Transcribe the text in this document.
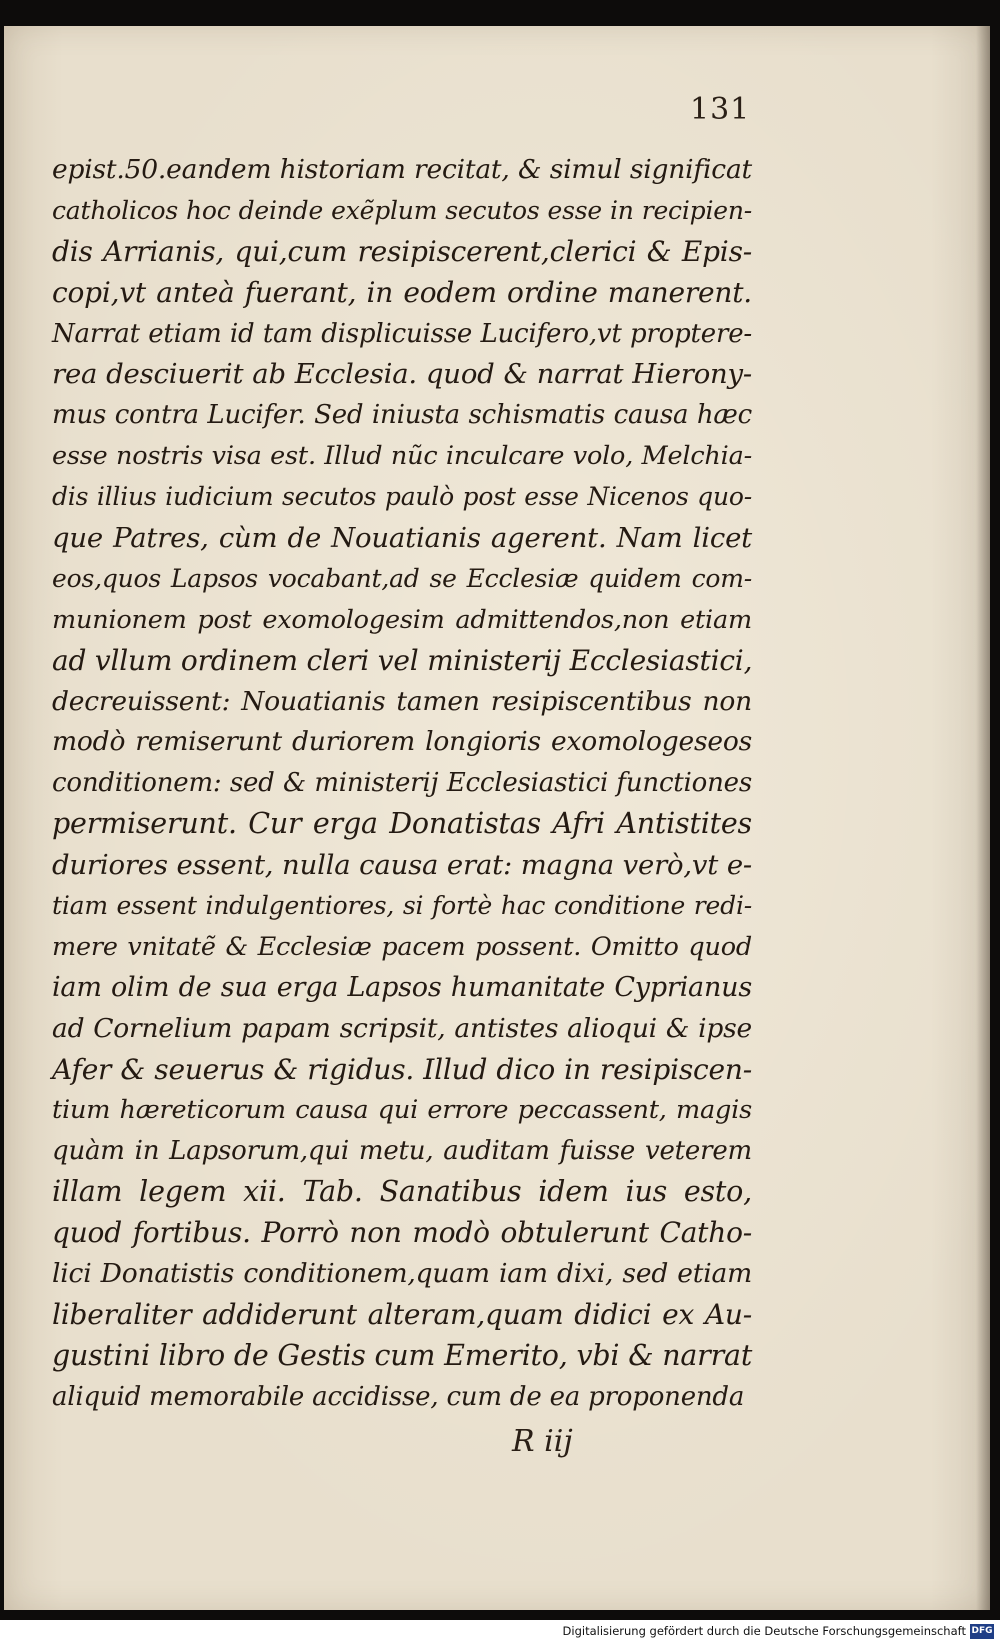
131
epist.50.eandem historiam recitat, & simul significat
catholicos hoc deinde exẽplum secutos esse in recipien-
dis Arrianis, qui,cum resipiscerent,clerici & Epis-
copi,vt anteà fuerant, in eodem ordine manerent.
Narrat etiam id tam displicuisse Lucifero,vt proptere-
rea desciuerit ab Ecclesia. quod & narrat Hierony-
mus contra Lucifer. Sed iniusta schismatis causa hæc
esse nostris visa est. Illud nũc inculcare volo, Melchia-
dis illius iudicium secutos paulò post esse Nicenos quo-
que Patres, cùm de Nouatianis agerent. Nam licet
eos,quos Lapsos vocabant,ad se Ecclesiæ quidem com-
munionem post exomologesim admittendos,non etiam
ad vllum ordinem cleri vel ministerij Ecclesiastici,
decreuissent: Nouatianis tamen resipiscentibus non
modò remiserunt duriorem longioris exomologeseos
conditionem: sed & ministerij Ecclesiastici functiones
permiserunt. Cur erga Donatistas Afri Antistites
duriores essent, nulla causa erat: magna verò,vt e-
tiam essent indulgentiores, si fortè hac conditione redi-
mere vnitatẽ & Ecclesiæ pacem possent. Omitto quod
iam olim de sua erga Lapsos humanitate Cyprianus
ad Cornelium papam scripsit, antistes alioqui & ipse
Afer & seuerus & rigidus. Illud dico in resipiscen-
tium hæreticorum causa qui errore peccassent, magis
quàm in Lapsorum,qui metu, auditam fuisse veterem
illam legem xii. Tab. Sanatibus idem ius esto,
quod fortibus. Porrò non modò obtulerunt Catho-
lici Donatistis conditionem,quam iam dixi, sed etiam
liberaliter addiderunt alteram,quam didici ex Au-
gustini libro de Gestis cum Emerito, vbi & narrat
aliquid memorabile accidisse, cum de ea proponenda
R iij
Digitalisierung gefördert durch die Deutsche Forschungsgemeinschaft DFG
